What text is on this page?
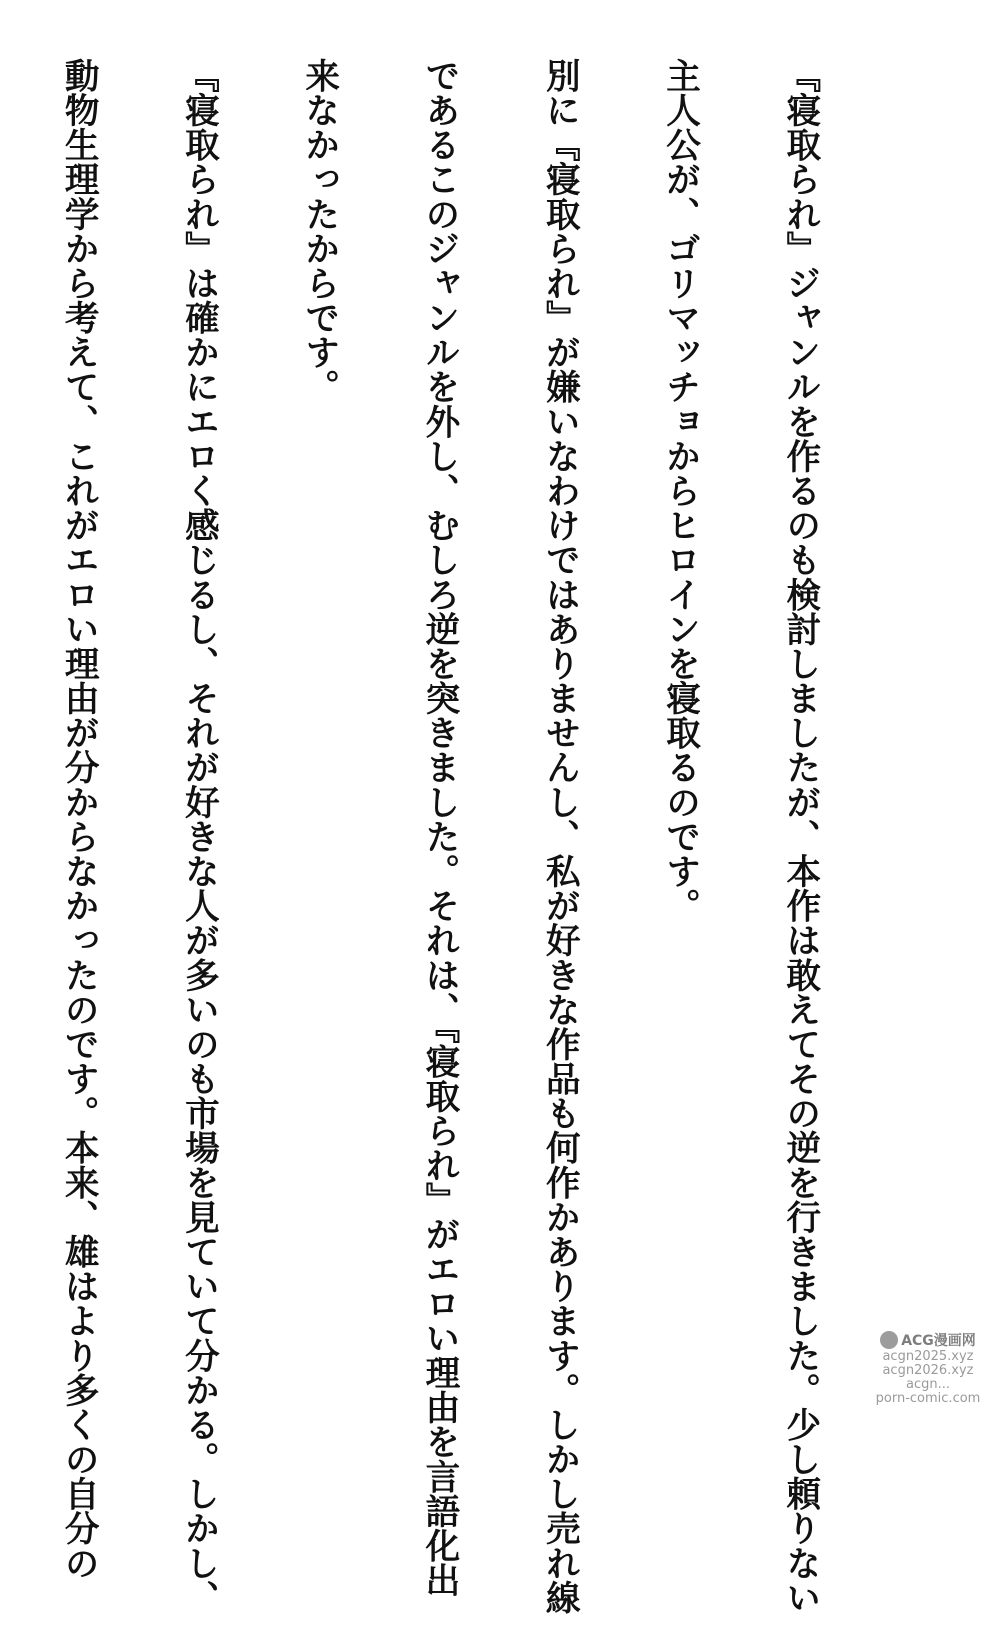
『寝取られ』ジャンルを作るのも検討しましたが、本作は敢えてその逆を行きました。少し頼りない

主人公が、ゴリマッチョからヒロインを寝取るのです。

別に『寝取られ』が嫌いなわけではありませんし、私が好きな作品も何作かあります。しかし売れ線

であるこのジャンルを外し、むしろ逆を突きました。それは、『寝取られ』がエロい理由を言語化出

来なかったからです。

『寝取られ』は確かにエロく感じるし、それが好きな人が多いのも市場を見ていて分かる。しかし、

動物生理学から考えて、これがエロい理由が分からなかったのです。本来、雄はより多くの自分の

	ACG漫画网
acgn2025.xyz
acgn2026.xyz
acgn...
porn-comic.com
